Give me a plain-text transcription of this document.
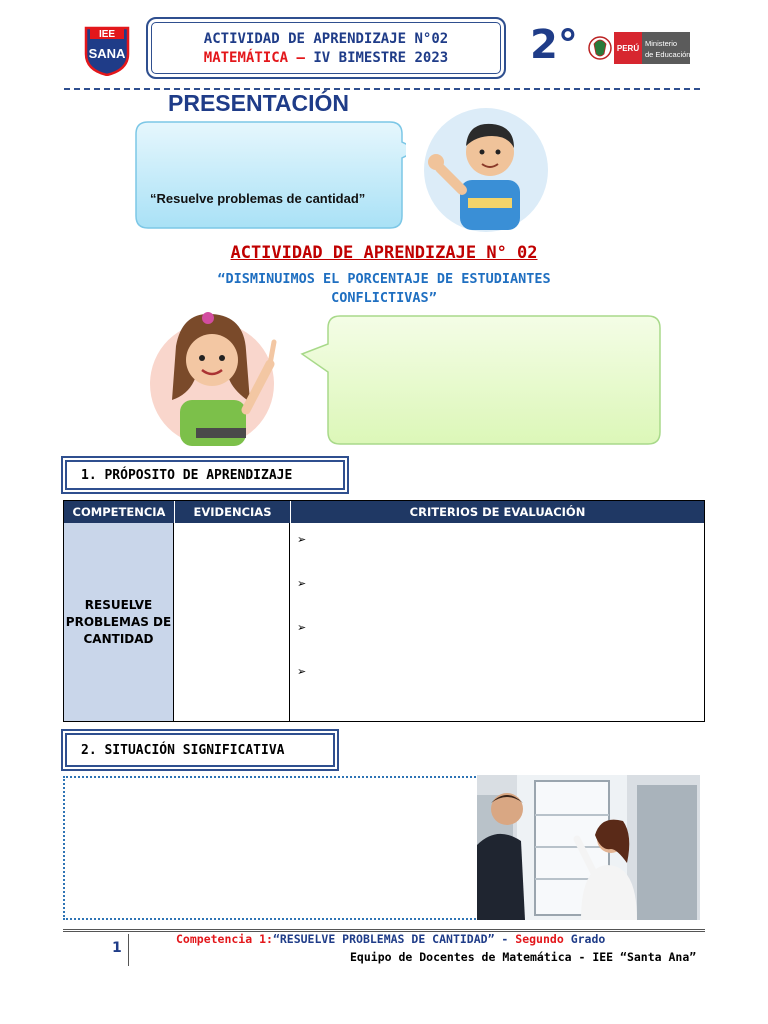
IEE
SANA
ACTIVIDAD DE APRENDIZAJE N°02
MATEMÁTICA – IV BIMESTRE 2023	2°	PERÚ
Ministerio
de Educación
PRESENTACIÓN
“Resuelve problemas de cantidad”
ACTIVIDAD DE APRENDIZAJE N° 02
“DISMINUIMOS EL PORCENTAJE DE ESTUDIANTES CONFLICTIVAS”
1. PRÓPOSITO DE APRENDIZAJE
COMPETENCIA	EVIDENCIAS	CRITERIOS DE EVALUACIÓN
RESUELVE PROBLEMAS DE CANTIDAD
➢
➢
➢
➢
2. SITUACIÓN SIGNIFICATIVA
1
Competencia 1:“RESUELVE PROBLEMAS DE CANTIDAD” - Segundo Grado
Equipo de Docentes de Matemática - IEE “Santa Ana”
